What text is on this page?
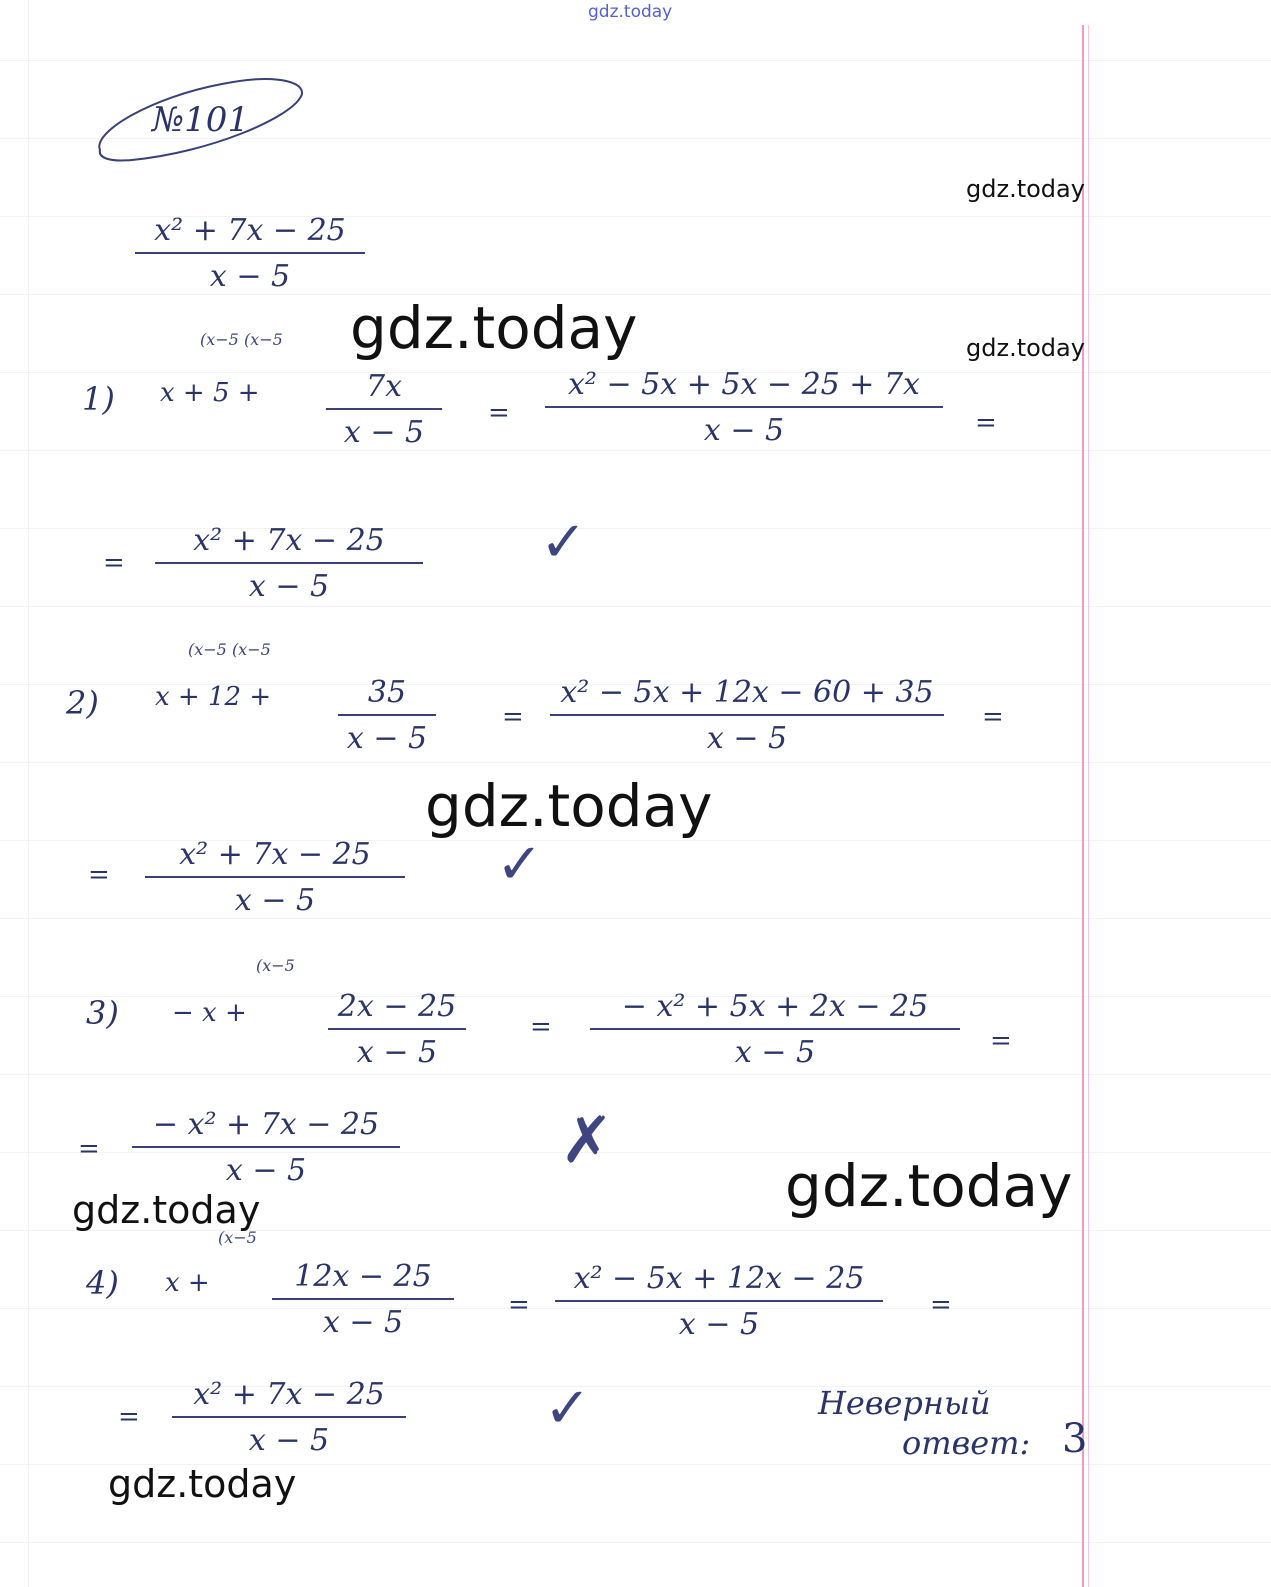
gdz.today
№101
x² + 7x − 25
x − 5
1)
(x−5 (x−5
x + 5 +	7x
x − 5
=
x² − 5x + 5x − 25 + 7x
x − 5	=
=
x² + 7x − 25
x − 5
✓
2)
(x−5 (x−5
x + 12 +	35
x − 5
=
x² − 5x + 12x − 60 + 35
x − 5
=
=
x² + 7x − 25
x − 5
✓
3)
(x−5
− x +	2x − 25
x − 5
=
− x² + 5x + 2x − 25
x − 5	=
=
− x² + 7x − 25
x − 5	✗
4)
(x−5
x +	12x − 25
x − 5	=
x² − 5x + 12x − 25
x − 5
=
=
x² + 7x − 25
x − 5	✓	Неверный
ответ: 3
gdz.today
gdz.today
gdz.today
gdz.today
gdz.today
gdz.today
gdz.today
